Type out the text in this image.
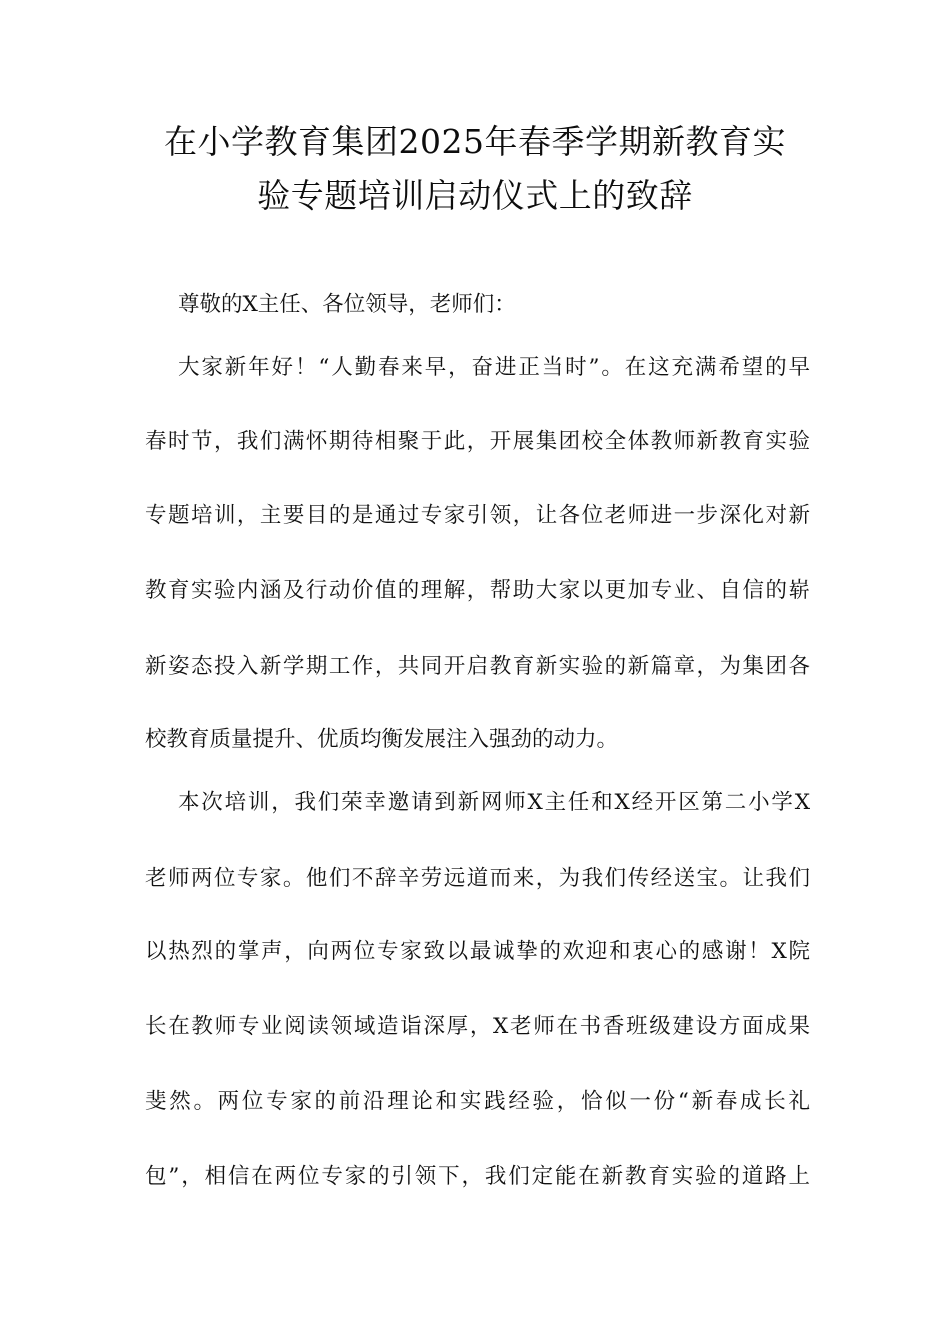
在小学教育集团2025年春季学期新教育实
验专题培训启动仪式上的致辞
尊敬的X主任、各位领导，老师们：
大家新年好！“人勤春来早，奋进正当时”。在这充满希望的早
春时节，我们满怀期待相聚于此，开展集团校全体教师新教育实验
专题培训，主要目的是通过专家引领，让各位老师进一步深化对新
教育实验内涵及行动价值的理解，帮助大家以更加专业、自信的崭
新姿态投入新学期工作，共同开启教育新实验的新篇章，为集团各
校教育质量提升、优质均衡发展注入强劲的动力。
本次培训，我们荣幸邀请到新网师X主任和X经开区第二小学X
老师两位专家。他们不辞辛劳远道而来，为我们传经送宝。让我们
以热烈的掌声，向两位专家致以最诚挚的欢迎和衷心的感谢！X院
长在教师专业阅读领域造诣深厚，X老师在书香班级建设方面成果
斐然。两位专家的前沿理论和实践经验，恰似一份“新春成长礼
包”，相信在两位专家的引领下，我们定能在新教育实验的道路上
